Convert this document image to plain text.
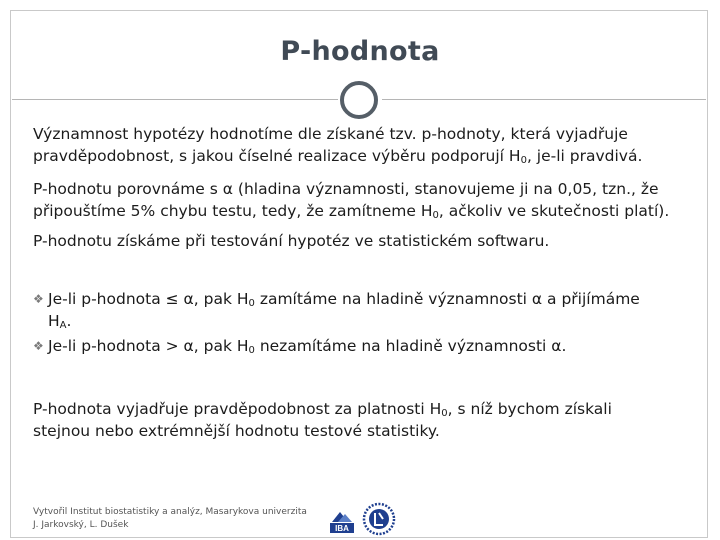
P-hodnota
Významnost hypotézy hodnotíme dle získané tzv. p-hodnoty, která vyjadřuje
pravděpodobnost, s jakou číselné realizace výběru podporují $H_0$, je-li pravdivá.
P-hodnotu porovnáme s α (hladina významnosti, stanovujeme ji na 0,05, tzn., že
připouštíme 5% chybu testu, tedy, že zamítneme $H_0$, ačkoliv ve skutečnosti platí).
P-hodnotu získáme při testování hypotéz ve statistickém softwaru.
❖ Je-li p-hodnota ≤ α, pak $H_0$ zamítáme na hladině významnosti α a přijímáme
$H_A$.
❖ Je-li p-hodnota > α, pak $H_0$ nezamítáme na hladině významnosti α.
P-hodnota vyjadřuje pravděpodobnost za platnosti $H_0$, s níž bychom získali
stejnou nebo extrémnější hodnotu testové statistiky.
Vytvořil Institut biostatistiky a analýz, Masarykova univerzita
J. Jarkovský, L. Dušek	IBA
